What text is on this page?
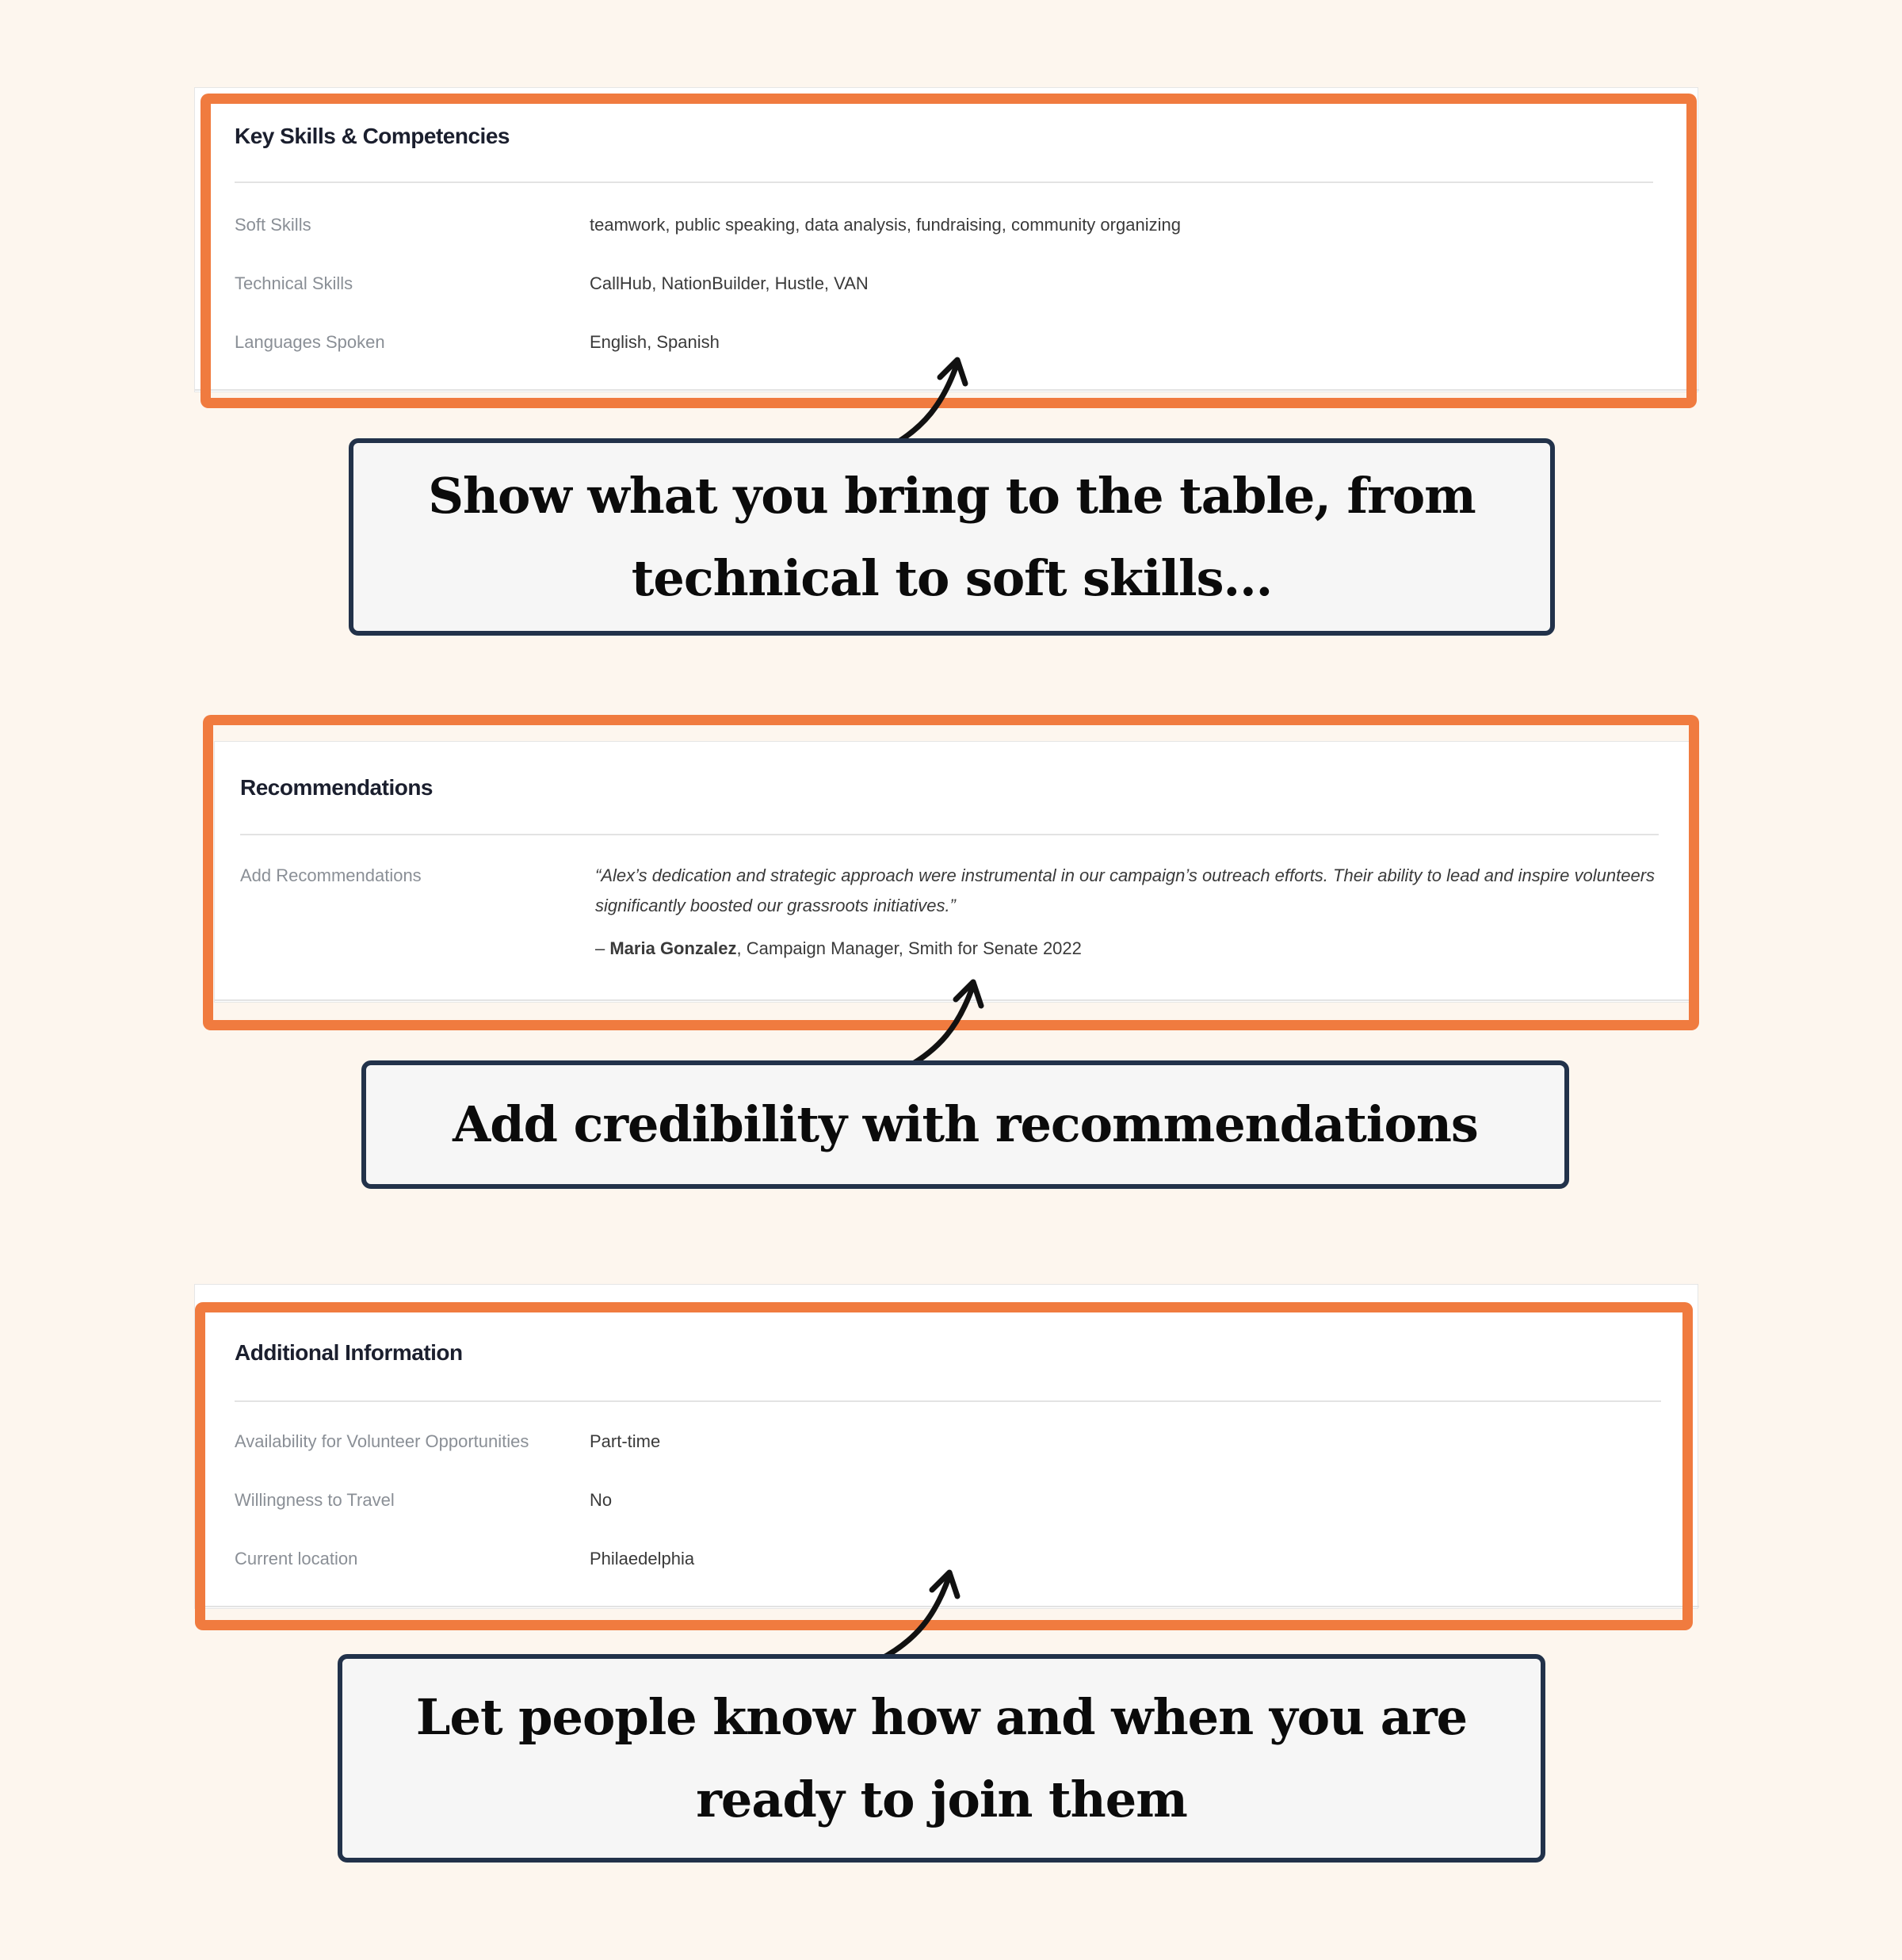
Key Skills & Competencies
Soft Skills	teamwork, public speaking, data analysis, fundraising, community organizing
Technical Skills	CallHub, NationBuilder, Hustle, VAN
Languages Spoken	English, Spanish
Show what you bring to the table, from technical to soft skills...
Recommendations
Add Recommendations	“Alex’s dedication and strategic approach were instrumental in our campaign’s outreach efforts. Their ability to lead and inspire volunteers significantly boosted our grassroots initiatives.”
– Maria Gonzalez, Campaign Manager, Smith for Senate 2022
Add credibility with recommendations
Additional Information
Availability for Volunteer Opportunities	Part-time
Willingness to Travel	No
Current location	Philaedelphia
Let people know how and when you are ready to join them
